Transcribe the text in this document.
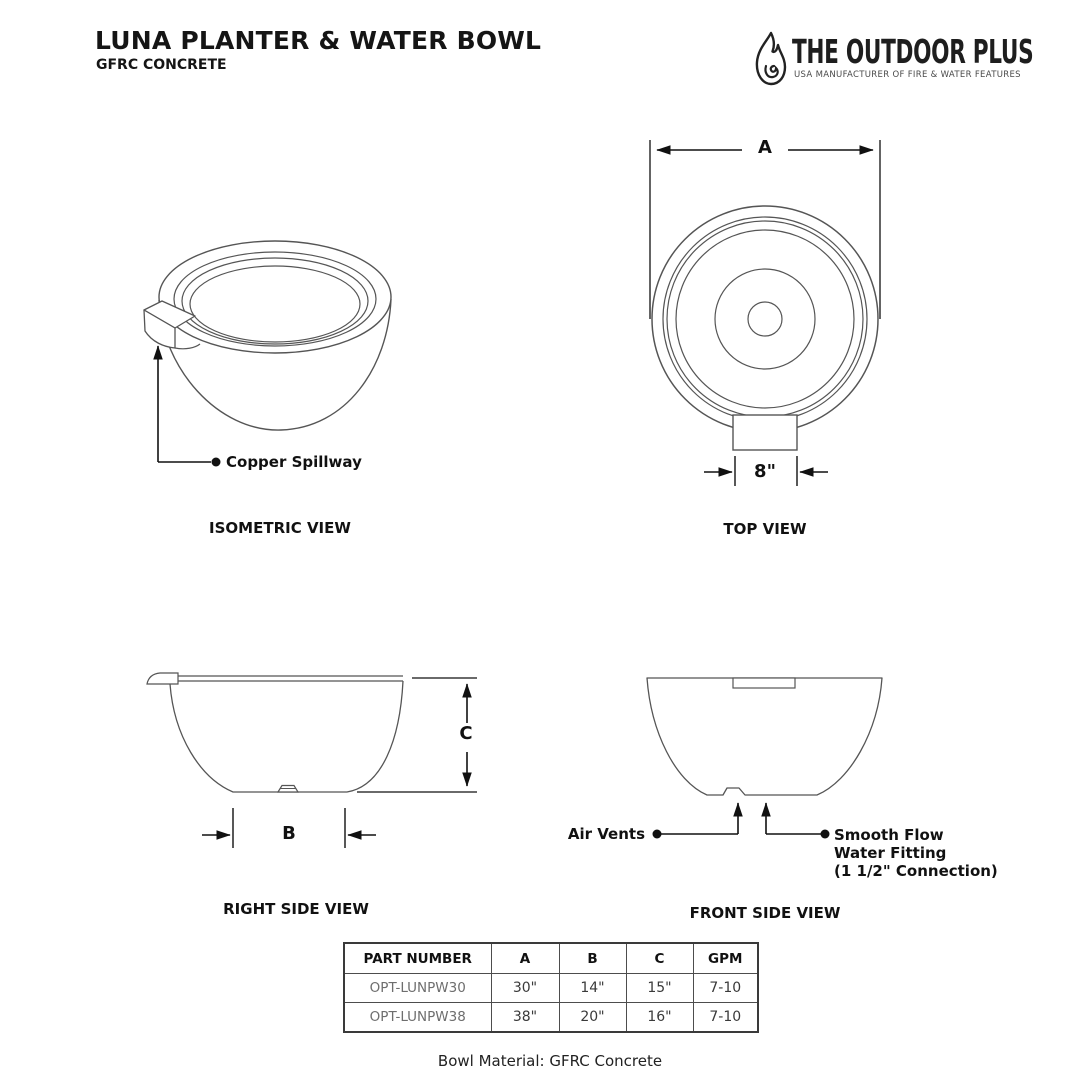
LUNA PLANTER & WATER BOWL
GFRC CONCRETE	THE OUTDOOR PLUS
USA MANUFACTURER OF FIRE & WATER FEATURES
Copper Spillway
ISOMETRIC VIEW
A
8"
TOP VIEW
C
B
RIGHT SIDE VIEW
Air Vents	Smooth Flow
Water Fitting
(1 1/2" Connection)
FRONT SIDE VIEW
PART NUMBER	A	B	C	GPM
OPT-LUNPW30	30"	14"	15"	7-10
OPT-LUNPW38	38"	20"	16"	7-10
Bowl Material: GFRC Concrete
